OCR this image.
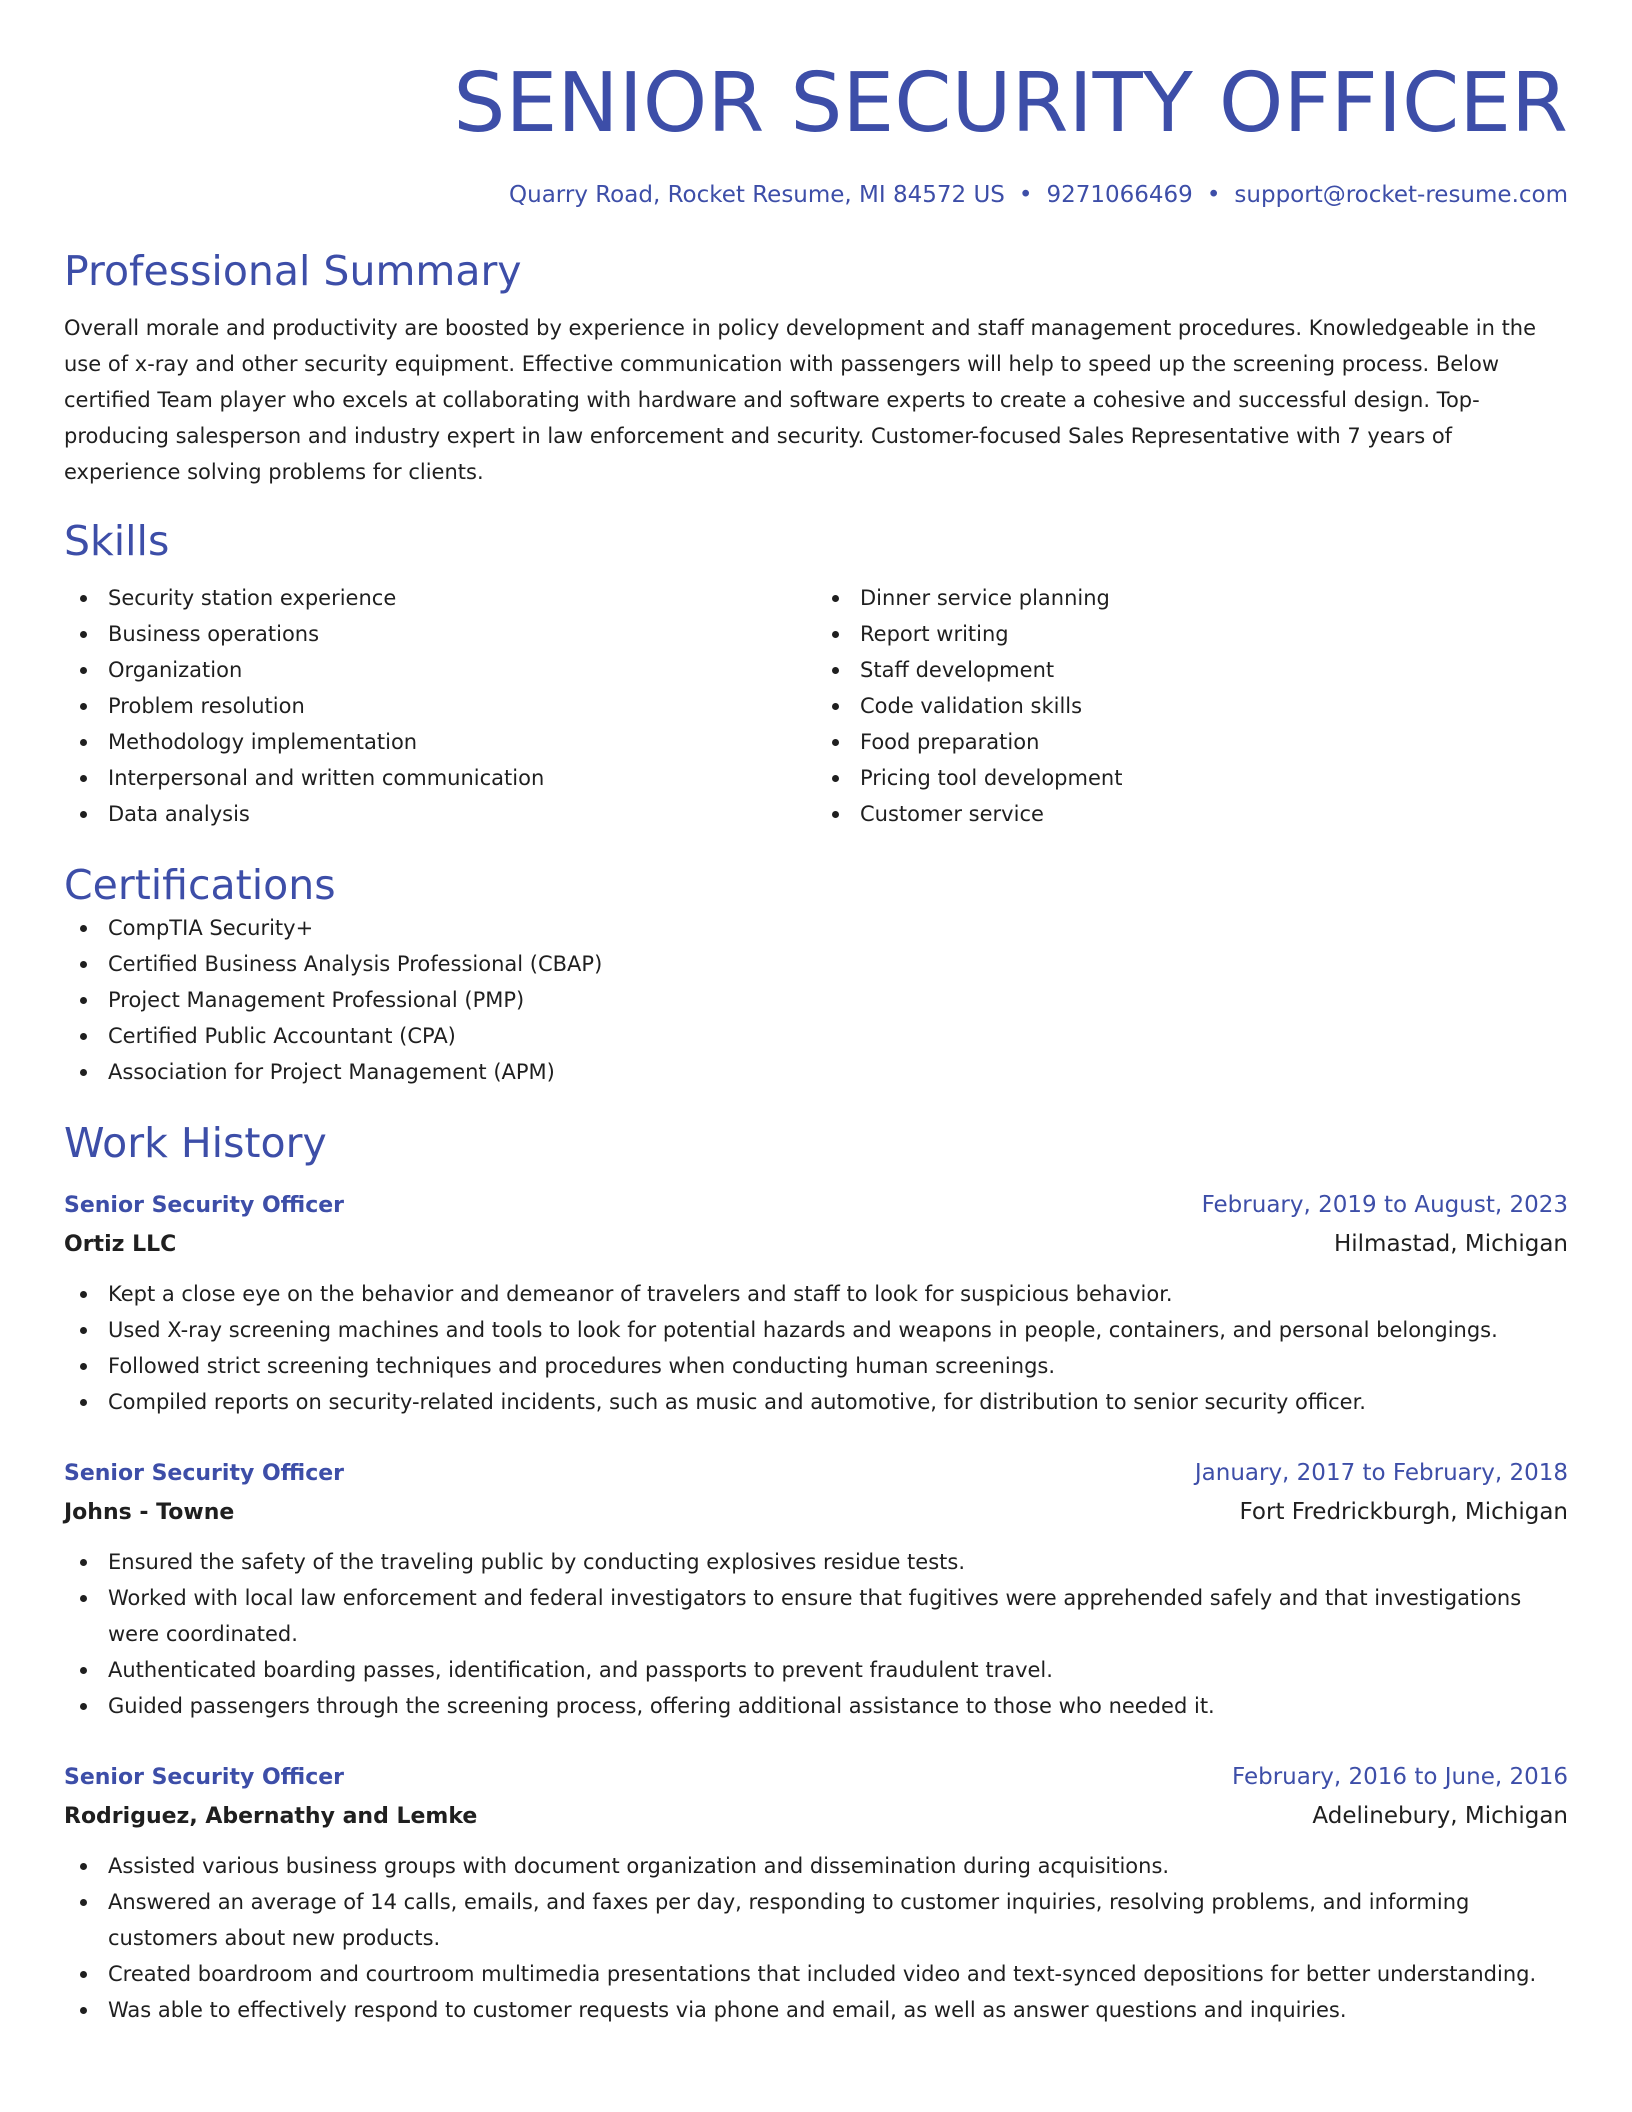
SENIOR SECURITY OFFICER
Quarry Road, Rocket Resume, MI 84572 US • 9271066469 • support@rocket-resume.com
Professional Summary

Overall morale and productivity are boosted by experience in policy development and staff management procedures. Knowledgeable in the use of x-ray and other security equipment. Effective communication with passengers will help to speed up the screening process. Below certified Team player who excels at collaborating with hardware and software experts to create a cohesive and successful design. Top-producing salesperson and industry expert in law enforcement and security. Customer-focused Sales Representative with 7 years of experience solving problems for clients.

Skills
Security station experience
Business operations
Organization
Problem resolution
Methodology implementation
Interpersonal and written communication
Data analysis
Dinner service planning
Report writing
Staff development
Code validation skills
Food preparation
Pricing tool development
Customer service
Certifications
CompTIA Security+
Certified Business Analysis Professional (CBAP)
Project Management Professional (PMP)
Certified Public Accountant (CPA)
Association for Project Management (APM)
Work History
Senior Security Officer	February, 2019 to August, 2023
Ortiz LLC	Hilmastad, Michigan
Kept a close eye on the behavior and demeanor of travelers and staff to look for suspicious behavior.
Used X-ray screening machines and tools to look for potential hazards and weapons in people, containers, and personal belongings.
Followed strict screening techniques and procedures when conducting human screenings.
Compiled reports on security-related incidents, such as music and automotive, for distribution to senior security officer.
Senior Security Officer	January, 2017 to February, 2018
Johns - Towne	Fort Fredrickburgh, Michigan
Ensured the safety of the traveling public by conducting explosives residue tests.
Worked with local law enforcement and federal investigators to ensure that fugitives were apprehended safely and that investigations were coordinated.
Authenticated boarding passes, identification, and passports to prevent fraudulent travel.
Guided passengers through the screening process, offering additional assistance to those who needed it.
Senior Security Officer	February, 2016 to June, 2016
Rodriguez, Abernathy and Lemke	Adelinebury, Michigan
Assisted various business groups with document organization and dissemination during acquisitions.
Answered an average of 14 calls, emails, and faxes per day, responding to customer inquiries, resolving problems, and informing customers about new products.
Created boardroom and courtroom multimedia presentations that included video and text-synced depositions for better understanding.
Was able to effectively respond to customer requests via phone and email, as well as answer questions and inquiries.
